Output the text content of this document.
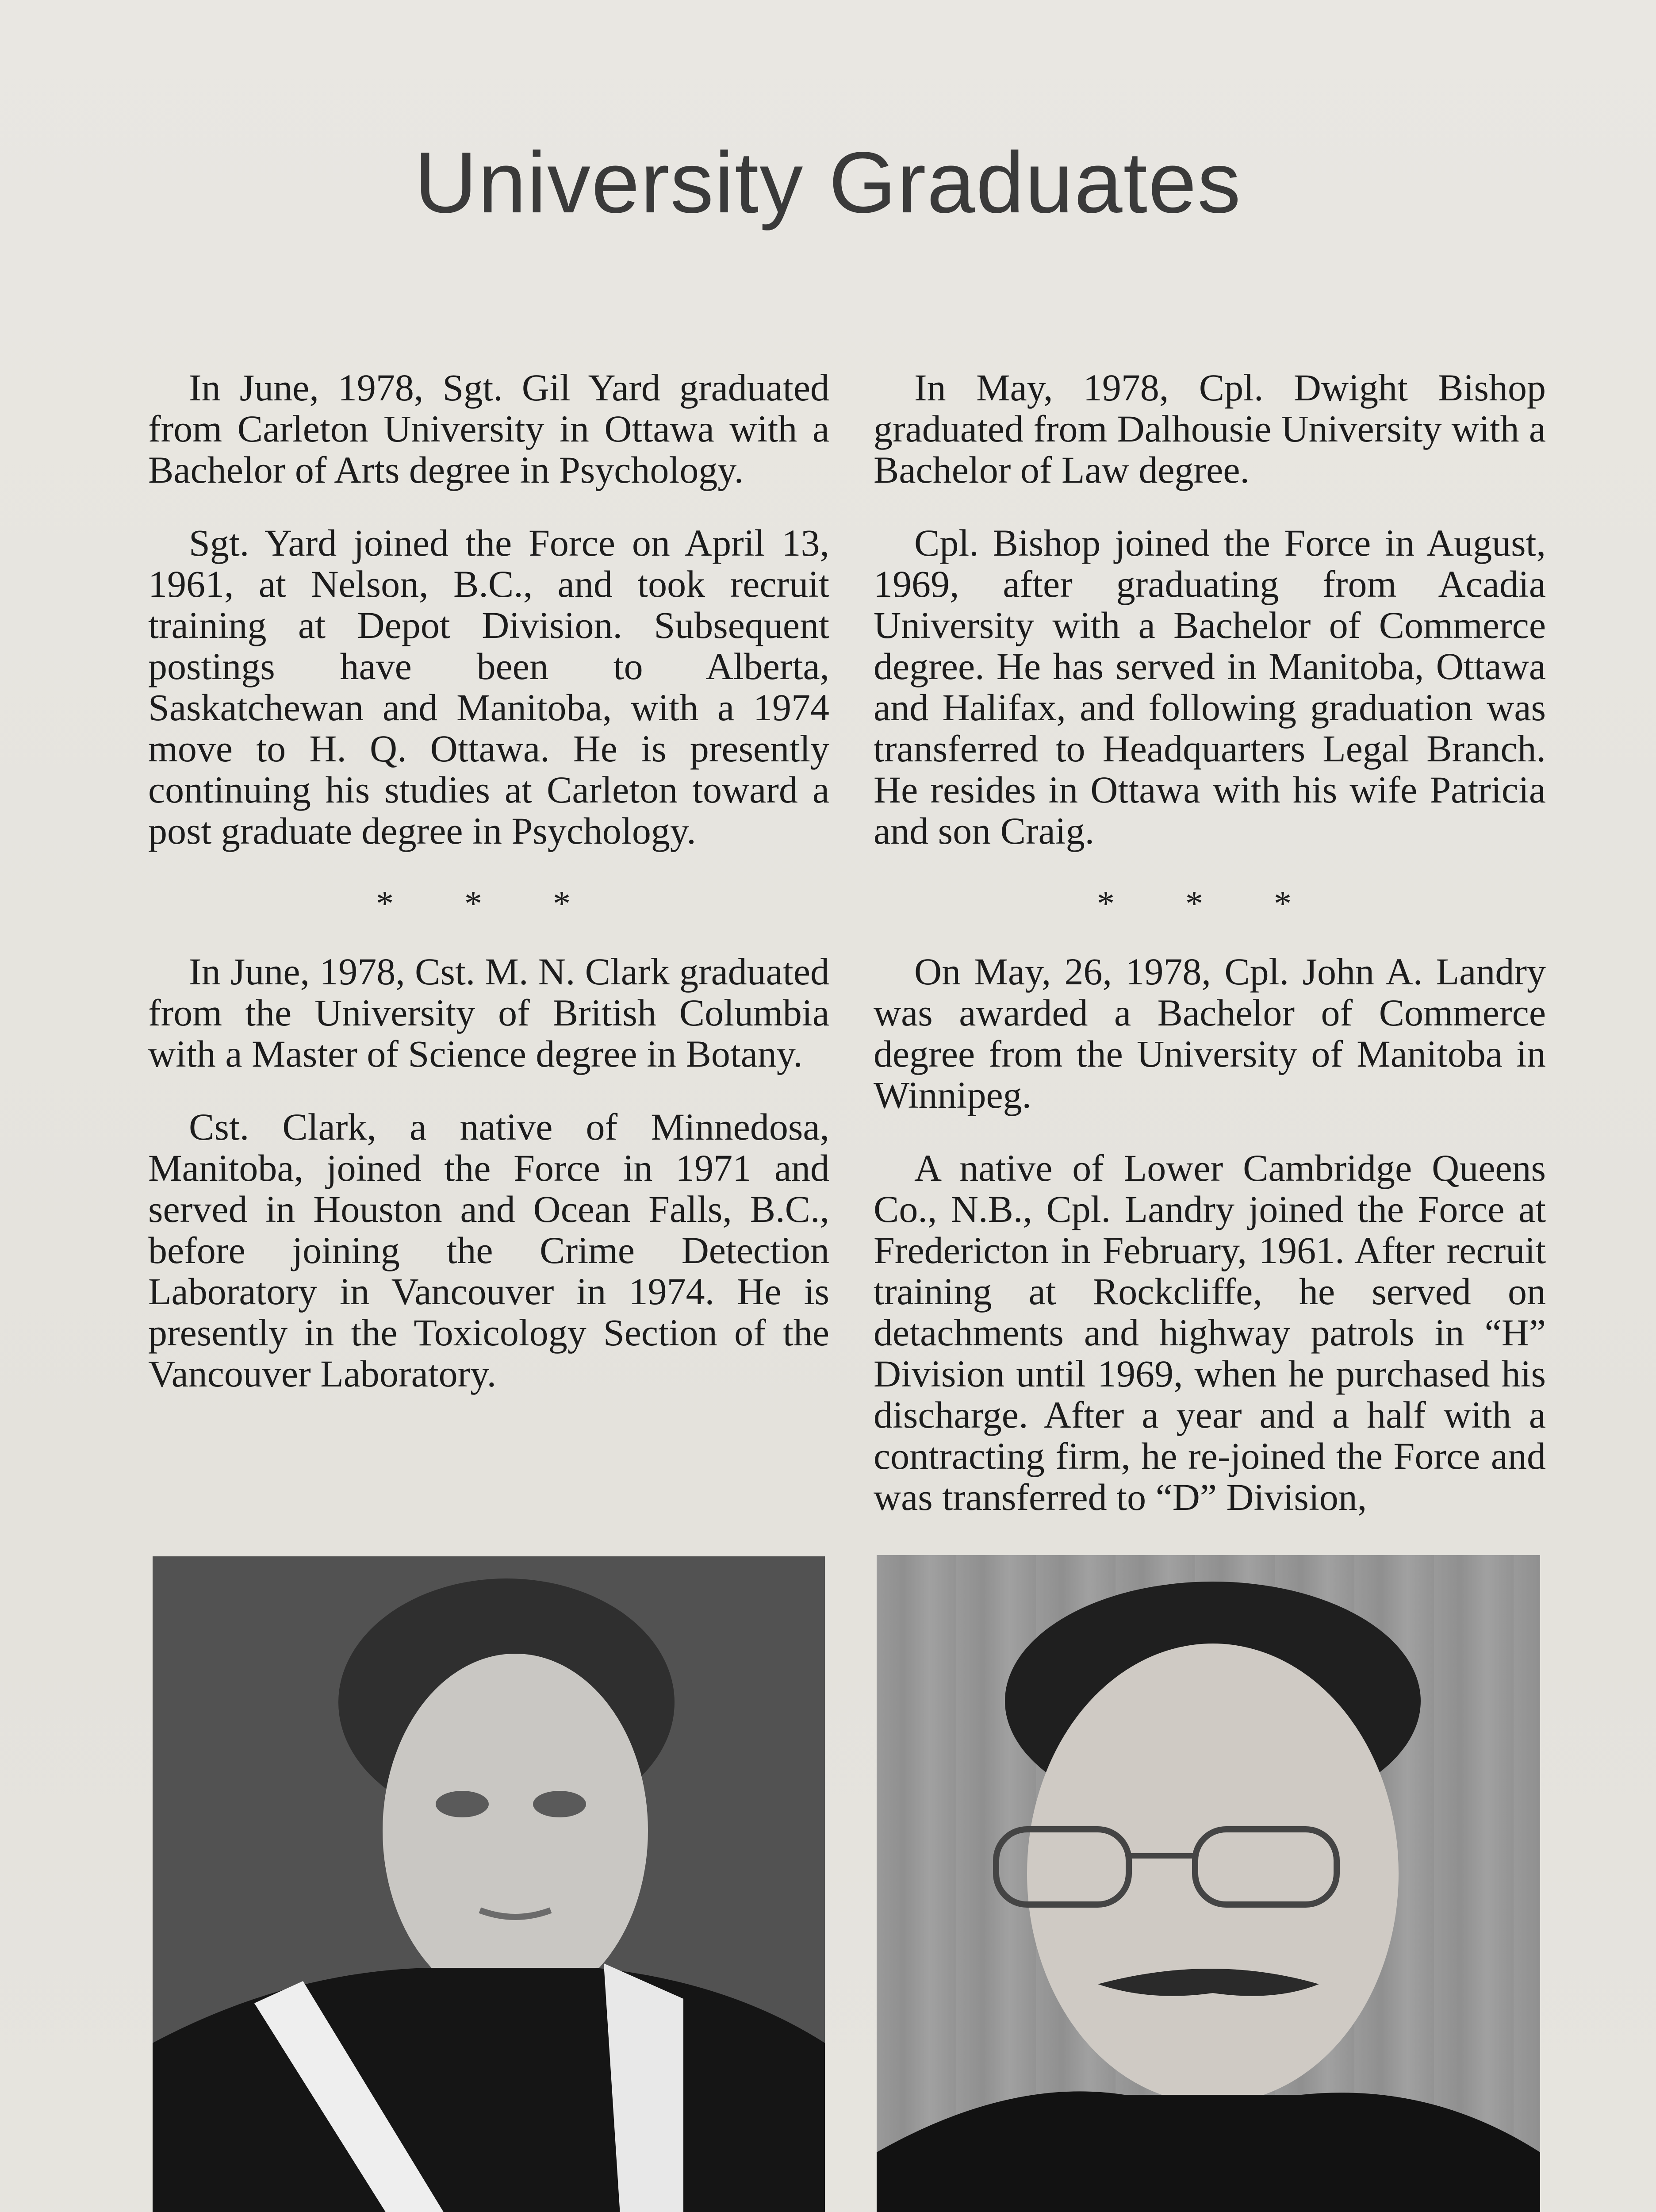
University Graduates

In June, 1978, Sgt. Gil Yard graduated from Carleton University in Ottawa with a Bachelor of Arts degree in Psychology.

Sgt. Yard joined the Force on April 13, 1961, at Nelson, B.C., and took recruit training at Depot Division. Subsequent postings have been to Alberta, Saskatchewan and Manitoba, with a 1974 move to H. Q. Ottawa. He is presently continuing his studies at Carleton toward a post graduate degree in Psychology.

* * *

In June, 1978, Cst. M. N. Clark graduated from the University of British Columbia with a Master of Science degree in Botany.

Cst. Clark, a native of Minnedosa, Manitoba, joined the Force in 1971 and served in Houston and Ocean Falls, B.C., before joining the Crime Detection Laboratory in Vancouver in 1974. He is presently in the Toxicology Section of the Vancouver Laboratory.

In May, 1978, Cpl. Dwight Bishop graduated from Dalhousie University with a Bachelor of Law degree.

Cpl. Bishop joined the Force in August, 1969, after graduating from Acadia University with a Bachelor of Commerce degree. He has served in Manitoba, Ottawa and Halifax, and following graduation was transferred to Headquarters Legal Branch. He resides in Ottawa with his wife Patricia and son Craig.

* * *

On May, 26, 1978, Cpl. John A. Landry was awarded a Bachelor of Commerce degree from the University of Manitoba in Winnipeg.

A native of Lower Cambridge Queens Co., N.B., Cpl. Landry joined the Force at Fredericton in February, 1961. After recruit training at Rockcliffe, he served on detachments and highway patrols in “H” Division until 1969, when he purchased his discharge. After a year and a half with a contracting firm, he re-joined the Force and was transferred to “D” Division,
